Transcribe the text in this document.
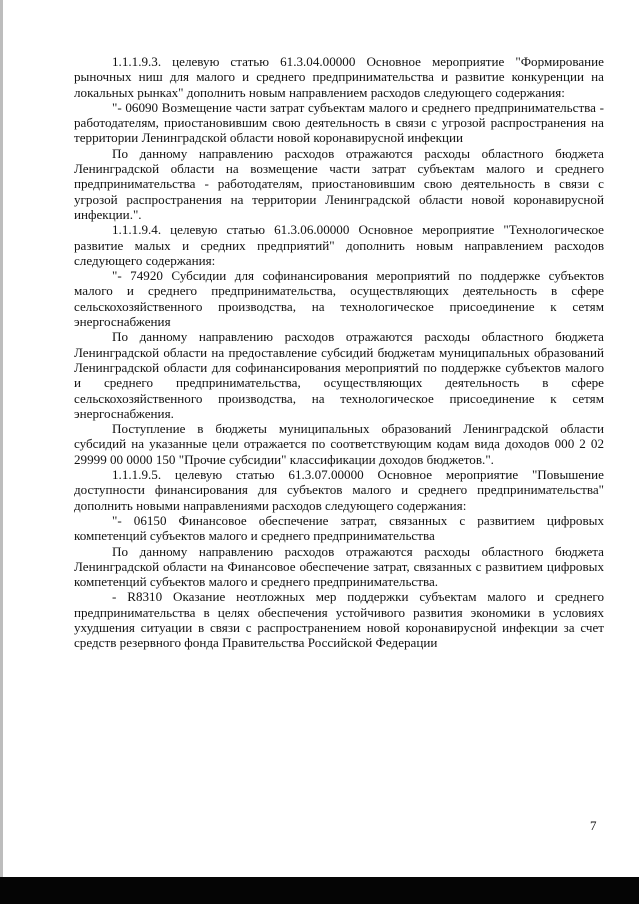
1.1.1.9.3. целевую статью 61.3.04.00000 Основное мероприятие "Формирование рыночных ниш для малого и среднего предпринимательства и развитие конкуренции на локальных рынках" дополнить новым направлением расходов следующего содержания:

"- 06090 Возмещение части затрат субъектам малого и среднего предпринимательства - работодателям, приостановившим свою деятельность в связи с угрозой распространения на территории Ленинградской области новой коронавирусной инфекции

По данному направлению расходов отражаются расходы областного бюджета Ленинградской области на возмещение части затрат субъектам малого и среднего предпринимательства - работодателям, приостановившим свою деятельность в связи с угрозой распространения на территории Ленинградской области новой коронавирусной инфекции.".

1.1.1.9.4. целевую статью 61.3.06.00000 Основное мероприятие "Технологическое развитие малых и средних предприятий" дополнить новым направлением расходов следующего содержания:

"- 74920 Субсидии для софинансирования мероприятий по поддержке субъектов малого и среднего предпринимательства, осуществляющих деятельность в сфере сельскохозяйственного производства, на технологическое присоединение к сетям энергоснабжения

По данному направлению расходов отражаются расходы областного бюджета Ленинградской области на предоставление субсидий бюджетам муниципальных образований Ленинградской области для софинансирования мероприятий по поддержке субъектов малого и среднего предпринимательства, осуществляющих деятельность в сфере сельскохозяйственного производства, на технологическое присоединение к сетям энергоснабжения.

Поступление в бюджеты муниципальных образований Ленинградской области субсидий на указанные цели отражается по соответствующим кодам вида доходов 000 2 02 29999 00 0000 150 "Прочие субсидии" классификации доходов бюджетов.".

1.1.1.9.5. целевую статью 61.3.07.00000 Основное мероприятие "Повышение доступности финансирования для субъектов малого и среднего предпринимательства" дополнить новыми направлениями расходов следующего содержания:

"- 06150 Финансовое обеспечение затрат, связанных с развитием цифровых компетенций субъектов малого и среднего предпринимательства

По данному направлению расходов отражаются расходы областного бюджета Ленинградской области на Финансовое обеспечение затрат, связанных с развитием цифровых компетенций субъектов малого и среднего предпринимательства.

- R8310 Оказание неотложных мер поддержки субъектам малого и среднего предпринимательства в целях обеспечения устойчивого развития экономики в условиях ухудшения ситуации в связи с распространением новой коронавирусной инфекции за счет средств резервного фонда Правительства Российской Федерации

7
